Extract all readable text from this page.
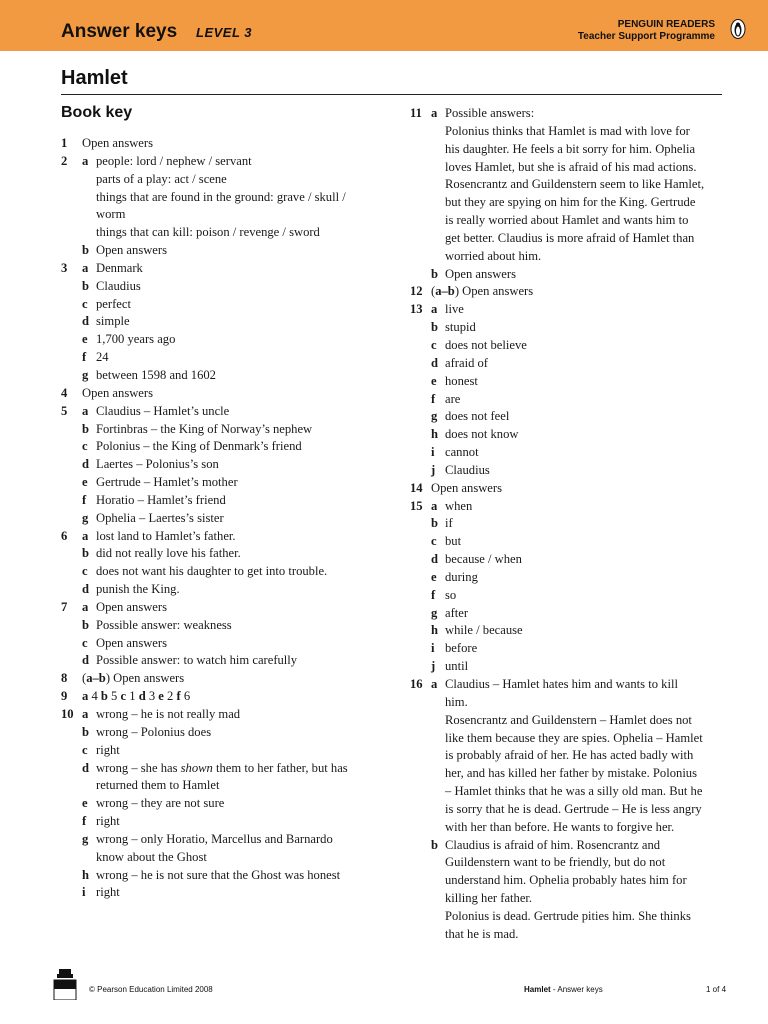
Answer keys LEVEL 3
PENGUIN READERS
Teacher Support Programme
Hamlet
Book key
1	Open answers
2 a people: lord / nephew / servant
parts of a play: act / scene
things that are found in the ground: grave / skull /
worm
things that can kill: poison / revenge / sword
b Open answers
3 a Denmark
b Claudius
c perfect
d simple
e 1,700 years ago
f 24
g between 1598 and 1602
4	Open answers
5 a Claudius – Hamlet’s uncle
b Fortinbras – the King of Norway’s nephew
c Polonius – the King of Denmark’s friend
d Laertes – Polonius’s son
e Gertrude – Hamlet’s mother
f Horatio – Hamlet’s friend
g Ophelia – Laertes’s sister
6 a lost land to Hamlet’s father.
b did not really love his father.
c does not want his daughter to get into trouble.
d punish the King.
7 a Open answers
b Possible answer: weakness
c Open answers
d Possible answer: to watch him carefully
8	(a–b) Open answers
9	a 4 b 5 c 1 d 3 e 2 f 6
10 a wrong – he is not really mad
b wrong – Polonius does
c right
d wrong – she has shown them to her father, but has
returned them to Hamlet
e wrong – they are not sure
f right
g wrong – only Horatio, Marcellus and Barnardo
know about the Ghost
h wrong – he is not sure that the Ghost was honest
i right
11 a Possible answers:
Polonius thinks that Hamlet is mad with love for
his daughter. He feels a bit sorry for him. Ophelia
loves Hamlet, but she is afraid of his mad actions.
Rosencrantz and Guildenstern seem to like Hamlet,
but they are spying on him for the King. Gertrude
is really worried about Hamlet and wants him to
get better. Claudius is more afraid of Hamlet than
worried about him.
b Open answers
12 (a–b) Open answers
13 a live
b stupid
c does not believe
d afraid of
e honest
f are
g does not feel
h does not know
i cannot
j Claudius
14 Open answers
15 a when
b if
c but
d because / when
e during
f so
g after
h while / because
i before
j until
16 a Claudius – Hamlet hates him and wants to kill
him.
Rosencrantz and Guildenstern – Hamlet does not
like them because they are spies. Ophelia – Hamlet
is probably afraid of her. He has acted badly with
her, and has killed her father by mistake. Polonius
– Hamlet thinks that he was a silly old man. But he
is sorry that he is dead. Gertrude – He is less angry
with her than before. He wants to forgive her.
b Claudius is afraid of him. Rosencrantz and
Guildenstern want to be friendly, but do not
understand him. Ophelia probably hates him for
killing her father.
Polonius is dead. Gertrude pities him. She thinks
that he is mad.
© Pearson Education Limited 2008	Hamlet - Answer keys	1 of 4
